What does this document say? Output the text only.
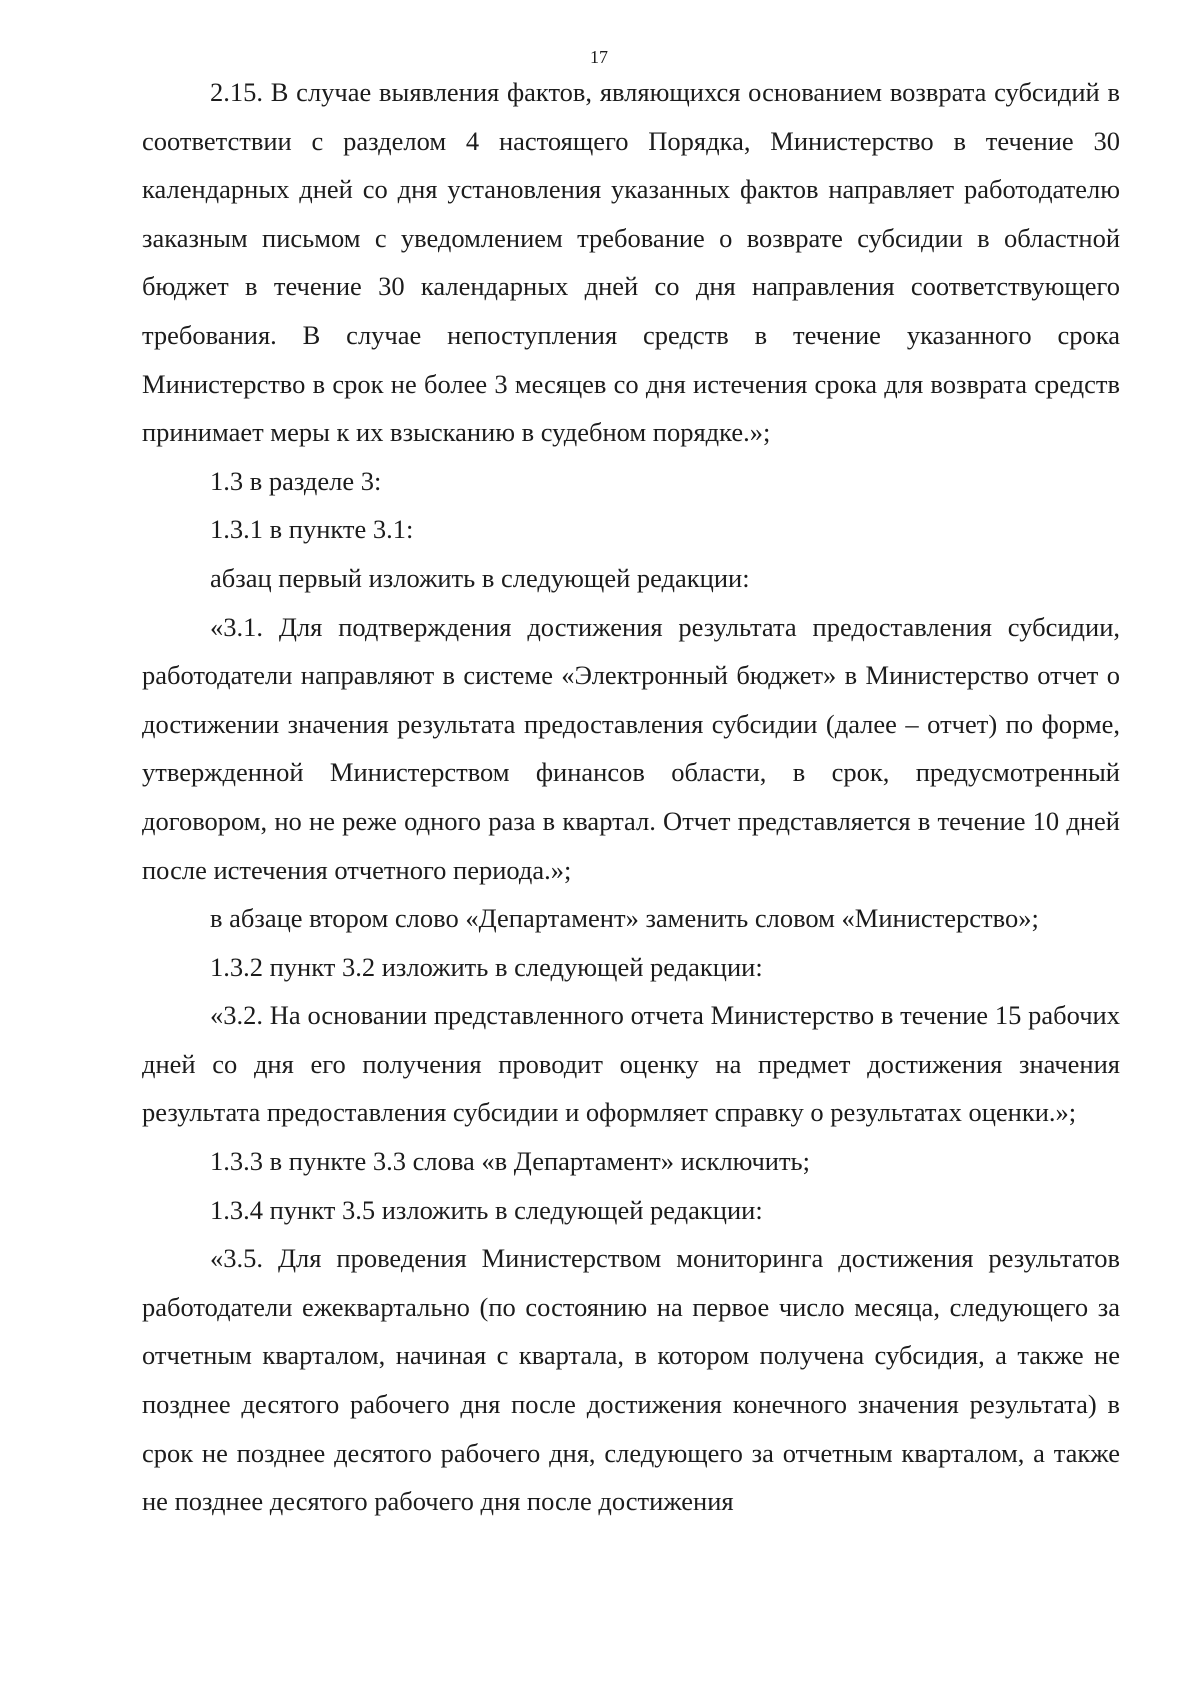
17

2.15. В случае выявления фактов, являющихся основанием возврата субсидий в соответствии с разделом 4 настоящего Порядка, Министерство в течение 30 календарных дней со дня установления указанных фактов направляет работодателю заказным письмом с уведомлением требование о возврате субсидии в областной бюджет в течение 30 календарных дней со дня направления соответствующего требования. В случае непоступления средств в течение указанного срока Министерство в срок не более 3 месяцев со дня истечения срока для возврата средств принимает меры к их взысканию в судебном порядке.»;

1.3 в разделе 3:

1.3.1 в пункте 3.1:

абзац первый изложить в следующей редакции:

«3.1. Для подтверждения достижения результата предоставления субсидии, работодатели направляют в системе «Электронный бюджет» в Министерство отчет о достижении значения результата предоставления субсидии (далее – отчет) по форме, утвержденной Министерством финансов области, в срок, предусмотренный договором, но не реже одного раза в квартал. Отчет представляется в течение 10 дней после истечения отчетного периода.»;

в абзаце втором слово «Департамент» заменить словом «Министерство»;

1.3.2 пункт 3.2 изложить в следующей редакции:

«3.2. На основании представленного отчета Министерство в течение 15 рабочих дней со дня его получения проводит оценку на предмет достижения значения результата предоставления субсидии и оформляет справку о результатах оценки.»;

1.3.3 в пункте 3.3 слова «в Департамент» исключить;

1.3.4 пункт 3.5 изложить в следующей редакции:

«3.5. Для проведения Министерством мониторинга достижения результатов работодатели ежеквартально (по состоянию на первое число месяца, следующего за отчетным кварталом, начиная с квартала, в котором получена субсидия, а также не позднее десятого рабочего дня после достижения конечного значения результата) в срок не позднее десятого рабочего дня, следующего за отчетным кварталом, а также не позднее десятого рабочего дня после достижения
